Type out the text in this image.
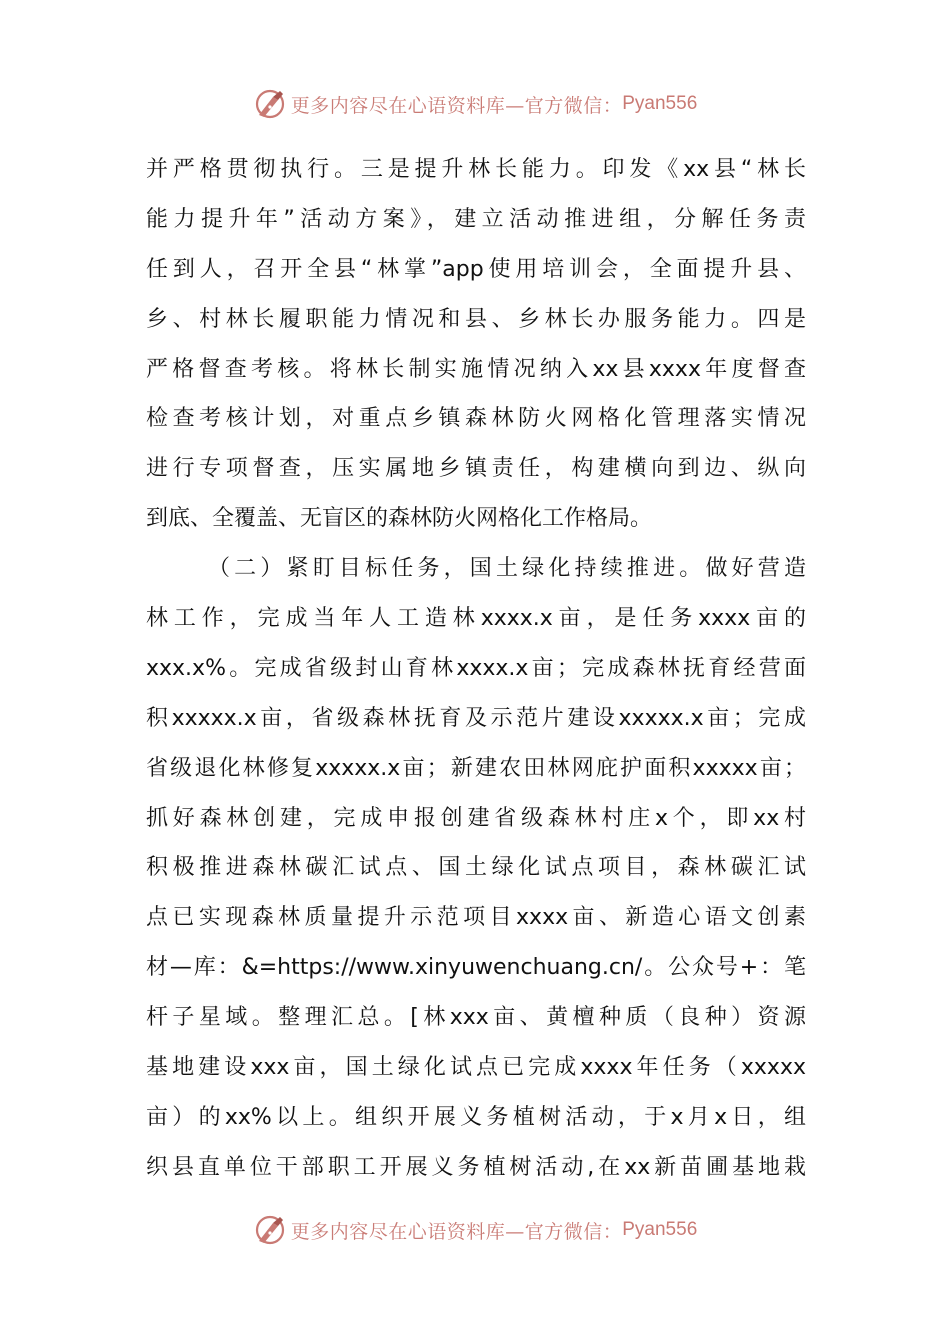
更多内容尽在心语资料库—官方微信： Pyan556
并严格贯彻执行。三是提升林长能力。印发《xx县“林长
能力提升年”活动方案》，建立活动推进组，分解任务责
任到人，召开全县“林掌”app使用培训会，全面提升县、
乡、村林长履职能力情况和县、乡林长办服务能力。四是
严格督查考核。将林长制实施情况纳入xx县xxxx年度督查
检查考核计划，对重点乡镇森林防火网格化管理落实情况
进行专项督查，压实属地乡镇责任，构建横向到边、纵向
到底、全覆盖、无盲区的森林防火网格化工作格局。
（二）紧盯目标任务，国土绿化持续推进。做好营造
林工作，完成当年人工造林xxxx.x亩，是任务xxxx亩的
xxx.x%。完成省级封山育林xxxx.x亩；完成森林抚育经营面
积xxxxx.x亩，省级森林抚育及示范片建设xxxxx.x亩；完成
省级退化林修复xxxxx.x亩；新建农田林网庇护面积xxxxx亩；
抓好森林创建，完成申报创建省级森林村庄x个，即xx村
积极推进森林碳汇试点、国土绿化试点项目，森林碳汇试
点已实现森林质量提升示范项目xxxx亩、新造心语文创素
材—库：&=https://www.xinyuwenchuang.cn/。公众号+：笔
杆子星域。整理汇总。[林xxx亩、黄檀种质（良种）资源
基地建设xxx亩，国土绿化试点已完成xxxx年任务（xxxxx
亩）的xx%以上。组织开展义务植树活动，于x月x日，组
织县直单位干部职工开展义务植树活动,在xx新苗圃基地栽
更多内容尽在心语资料库—官方微信： Pyan556
